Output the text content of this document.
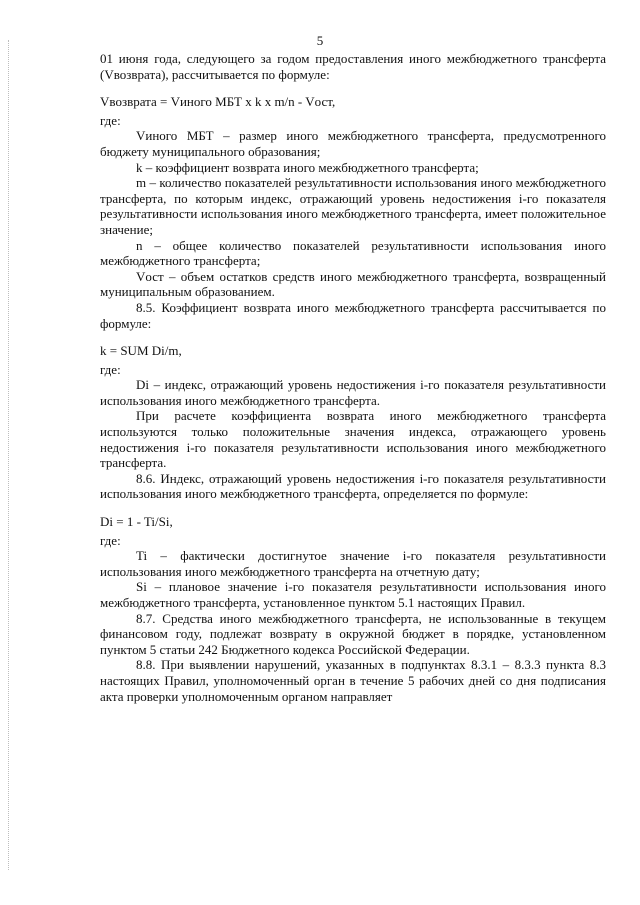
5

01 июня года, следующего за годом предоставления иного межбюджетного трансферта (Vвозврата), рассчитывается по формуле:

Vвозврата = Vиного МБТ x k x m/n - Vост,

где:

Vиного МБТ – размер иного межбюджетного трансферта, предусмотренного бюджету муниципального образования;

k – коэффициент возврата иного межбюджетного трансферта;

m – количество показателей результативности использования иного межбюджетного трансферта, по которым индекс, отражающий уровень недостижения i-го показателя результативности использования иного межбюджетного трансферта, имеет положительное значение;

n – общее количество показателей результативности использования иного межбюджетного трансферта;

Vост – объем остатков средств иного межбюджетного трансферта, возвращенный муниципальным образованием.

8.5. Коэффициент возврата иного межбюджетного трансферта рассчитывается по формуле:

k = SUM Di/m,

где:

Di – индекс, отражающий уровень недостижения i-го показателя результативности использования иного межбюджетного трансферта.

При расчете коэффициента возврата иного межбюджетного трансферта используются только положительные значения индекса, отражающего уровень недостижения i-го показателя результативности использования иного межбюджетного трансферта.

8.6. Индекс, отражающий уровень недостижения i-го показателя результативности использования иного межбюджетного трансферта, определяется по формуле:

Di = 1 - Ti/Si,

где:

Ti – фактически достигнутое значение i-го показателя результативности использования иного межбюджетного трансферта на отчетную дату;

Si – плановое значение i-го показателя результативности использования иного межбюджетного трансферта, установленное пунктом 5.1 настоящих Правил.

8.7. Средства иного межбюджетного трансферта, не использованные в текущем финансовом году, подлежат возврату в окружной бюджет в порядке, установленном пунктом 5 статьи 242 Бюджетного кодекса Российской Федерации.

8.8. При выявлении нарушений, указанных в подпунктах 8.3.1 – 8.3.3 пункта 8.3 настоящих Правил, уполномоченный орган в течение 5 рабочих дней со дня подписания акта проверки уполномоченным органом направляет
